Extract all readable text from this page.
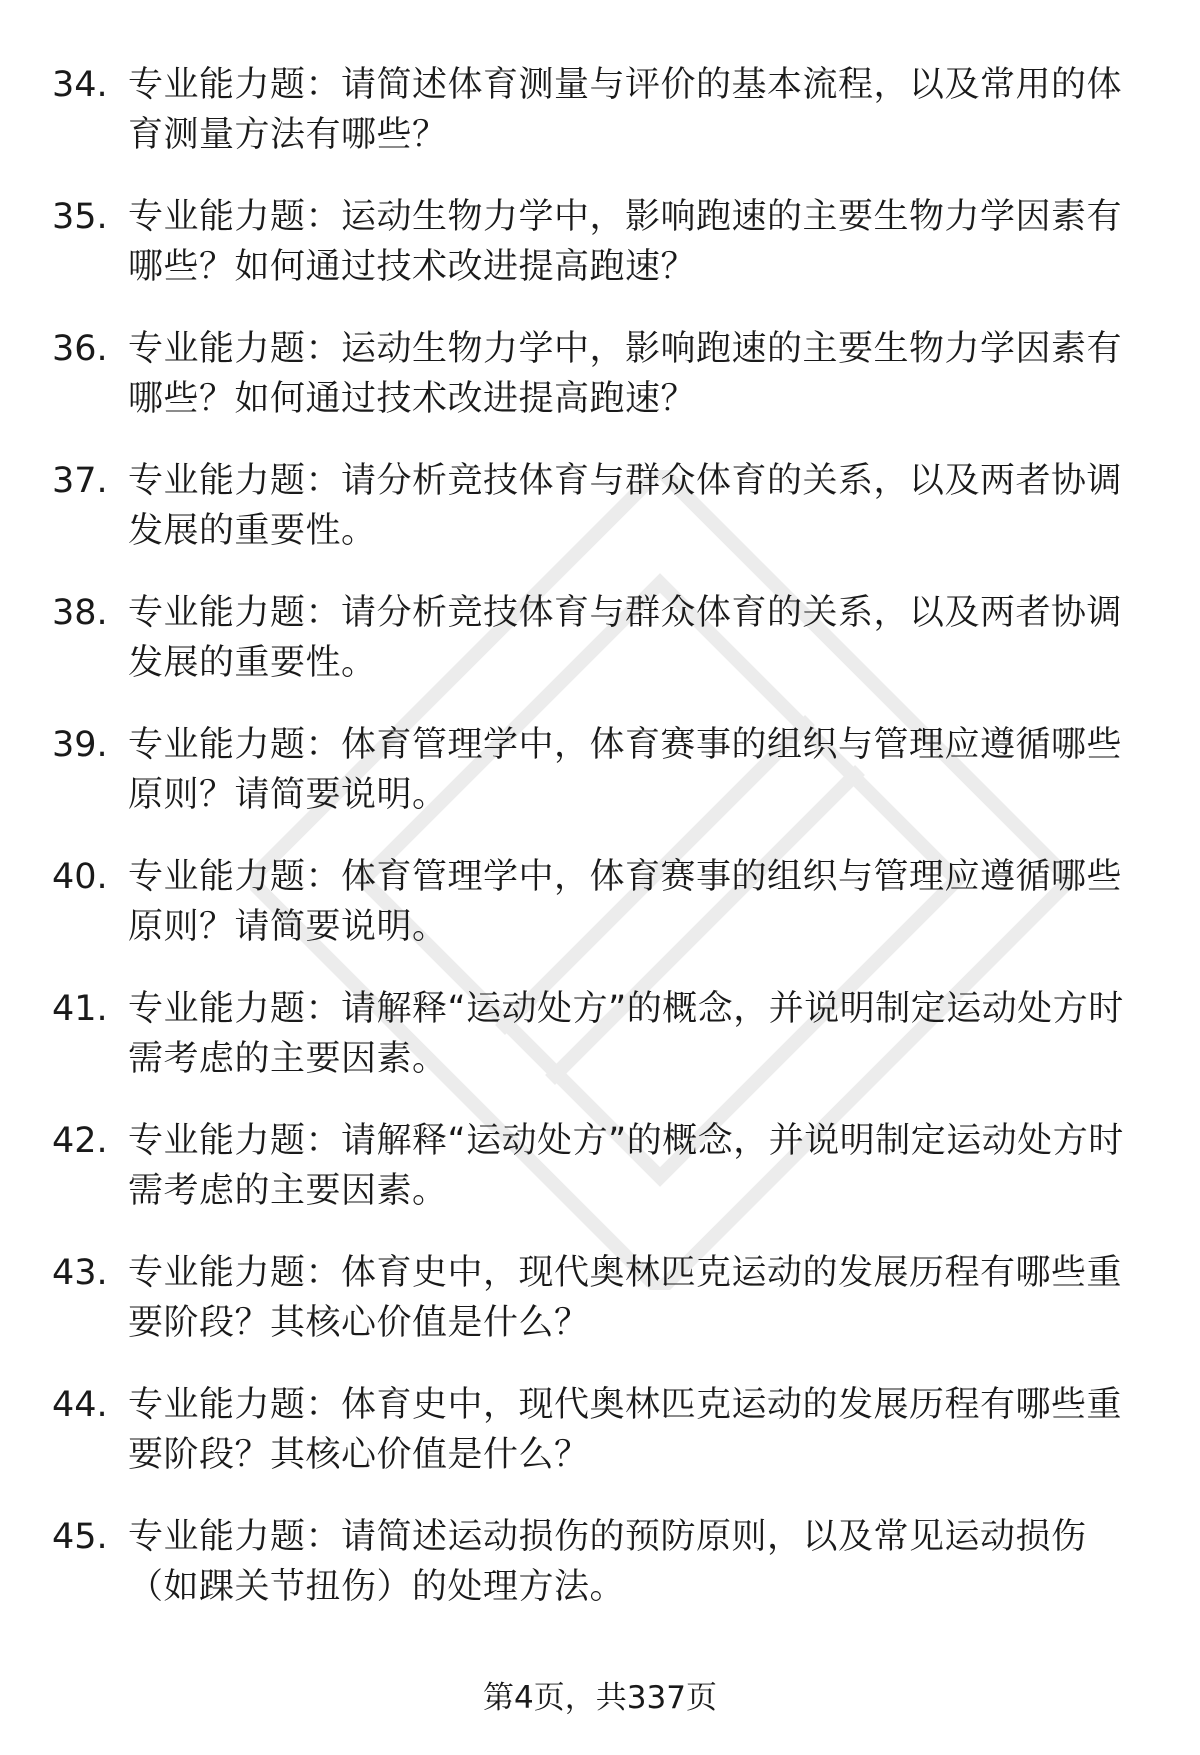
34. 专业能力题：请简述体育测量与评价的基本流程，以及常用的体育测量方法有哪些？
35. 专业能力题：运动生物力学中，影响跑速的主要生物力学因素有哪些？如何通过技术改进提高跑速？
36. 专业能力题：运动生物力学中，影响跑速的主要生物力学因素有哪些？如何通过技术改进提高跑速？
37. 专业能力题：请分析竞技体育与群众体育的关系，以及两者协调发展的重要性。
38. 专业能力题：请分析竞技体育与群众体育的关系，以及两者协调发展的重要性。
39. 专业能力题：体育管理学中，体育赛事的组织与管理应遵循哪些原则？请简要说明。
40. 专业能力题：体育管理学中，体育赛事的组织与管理应遵循哪些原则？请简要说明。
41. 专业能力题：请解释“运动处方”的概念，并说明制定运动处方时需考虑的主要因素。
42. 专业能力题：请解释“运动处方”的概念，并说明制定运动处方时需考虑的主要因素。
43. 专业能力题：体育史中，现代奥林匹克运动的发展历程有哪些重要阶段？其核心价值是什么？
44. 专业能力题：体育史中，现代奥林匹克运动的发展历程有哪些重要阶段？其核心价值是什么？
45. 专业能力题：请简述运动损伤的预防原则，以及常见运动损伤（如踝关节扭伤）的处理方法。
第4页，共337页
